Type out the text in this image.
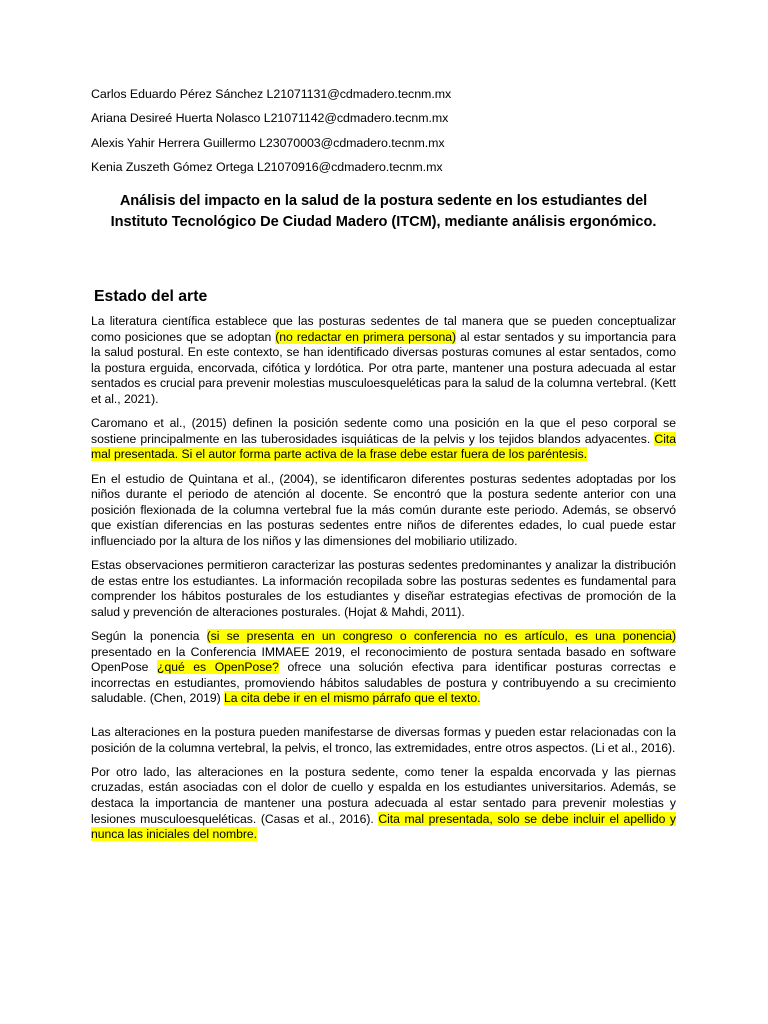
Carlos Eduardo Pérez Sánchez L21071131@cdmadero.tecnm.mx

Ariana Desireé Huerta Nolasco L21071142@cdmadero.tecnm.mx

Alexis Yahir Herrera Guillermo L23070003@cdmadero.tecnm.mx

Kenia Zuszeth Gómez Ortega L21070916@cdmadero.tecnm.mx

Análisis del impacto en la salud de la postura sedente en los estudiantes del Instituto Tecnológico De Ciudad Madero (ITCM), mediante análisis ergonómico.
Estado del arte

La literatura científica establece que las posturas sedentes de tal manera que se pueden conceptualizar como posiciones que se adoptan (no redactar en primera persona) al estar sentados y su importancia para la salud postural. En este contexto, se han identificado diversas posturas comunes al estar sentados, como la postura erguida, encorvada, cifótica y lordótica. Por otra parte, mantener una postura adecuada al estar sentados es crucial para prevenir molestias musculoesqueléticas para la salud de la columna vertebral. (Kett et al., 2021).

Caromano et al., (2015) definen la posición sedente como una posición en la que el peso corporal se sostiene principalmente en las tuberosidades isquiáticas de la pelvis y los tejidos blandos adyacentes. Cita mal presentada. Si el autor forma parte activa de la frase debe estar fuera de los paréntesis.

En el estudio de Quintana et al., (2004), se identificaron diferentes posturas sedentes adoptadas por los niños durante el periodo de atención al docente. Se encontró que la postura sedente anterior con una posición flexionada de la columna vertebral fue la más común durante este periodo. Además, se observó que existían diferencias en las posturas sedentes entre niños de diferentes edades, lo cual puede estar influenciado por la altura de los niños y las dimensiones del mobiliario utilizado.

Estas observaciones permitieron caracterizar las posturas sedentes predominantes y analizar la distribución de estas entre los estudiantes. La información recopilada sobre las posturas sedentes es fundamental para comprender los hábitos posturales de los estudiantes y diseñar estrategias efectivas de promoción de la salud y prevención de alteraciones posturales. (Hojat & Mahdi, 2011).

Según la ponencia (si se presenta en un congreso o conferencia no es artículo, es una ponencia) presentado en la Conferencia IMMAEE 2019, el reconocimiento de postura sentada basado en software OpenPose ¿qué es OpenPose? ofrece una solución efectiva para identificar posturas correctas e incorrectas en estudiantes, promoviendo hábitos saludables de postura y contribuyendo a su crecimiento saludable. (Chen, 2019) La cita debe ir en el mismo párrafo que el texto.

Las alteraciones en la postura pueden manifestarse de diversas formas y pueden estar relacionadas con la posición de la columna vertebral, la pelvis, el tronco, las extremidades, entre otros aspectos. (Li et al., 2016).

Por otro lado, las alteraciones en la postura sedente, como tener la espalda encorvada y las piernas cruzadas, están asociadas con el dolor de cuello y espalda en los estudiantes universitarios. Además, se destaca la importancia de mantener una postura adecuada al estar sentado para prevenir molestias y lesiones musculoesqueléticas. (Casas et al., 2016). Cita mal presentada, solo se debe incluir el apellido y nunca las iniciales del nombre.
